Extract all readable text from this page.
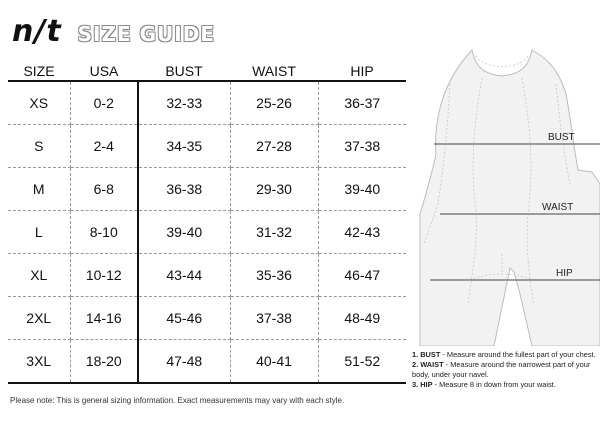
n/t SIZE GUIDE
SIZE	USA	BUST	WAIST	HIP
XS	0-2	32-33	25-26	36-37
S	2-4	34-35	27-28	37-38
M	6-8	36-38	29-30	39-40
L	8-10	39-40	31-32	42-43
XL	10-12	43-44	35-36	46-47
2XL	14-16	45-46	37-38	48-49
3XL	18-20	47-48	40-41	51-52
Please note: This is general sizing information. Exact measurements may vary with each style.
BUST
WAIST
HIP

1. BUST - Measure around the fullest part of your chest.

2. WAIST - Measure around the narrowest part of your body, under your navel.

3. HIP - Measure 8 in down from your waist.
